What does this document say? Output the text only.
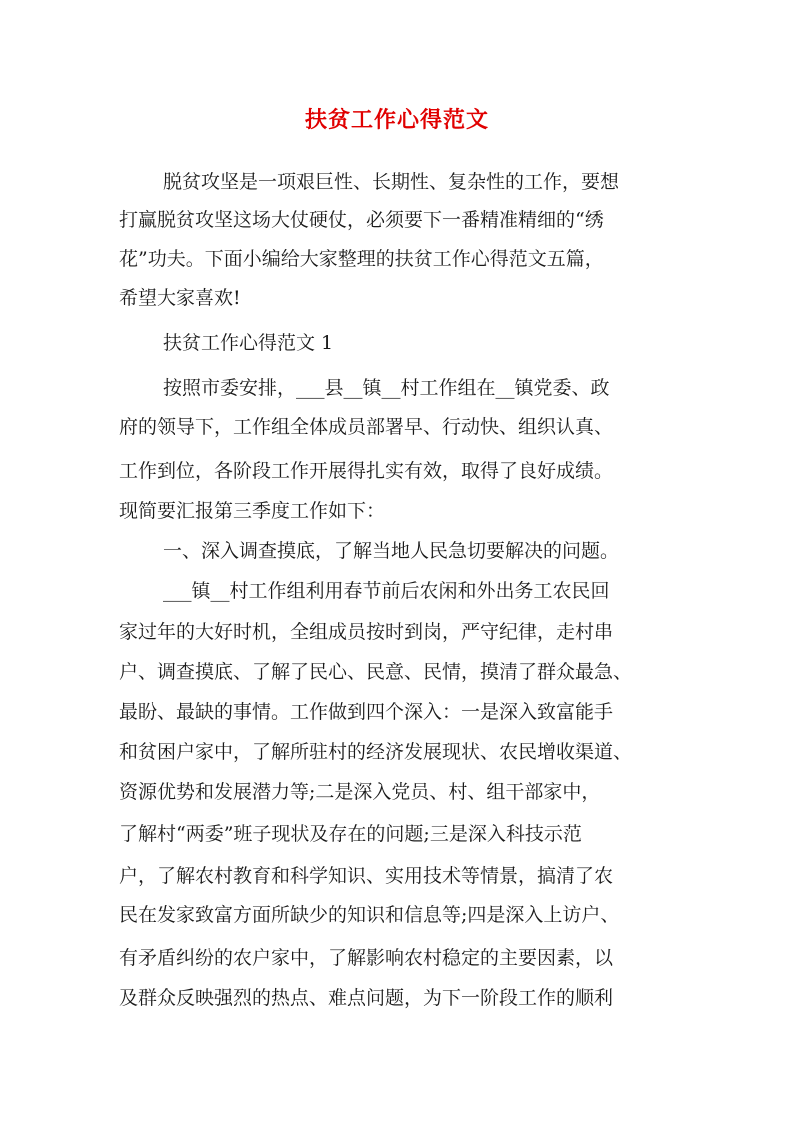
扶贫工作心得范文
脱贫攻坚是一项艰巨性、长期性、复杂性的工作，要想
打赢脱贫攻坚这场大仗硬仗，必须要下一番精准精细的“绣
花”功夫。下面小编给大家整理的扶贫工作心得范文五篇，
希望大家喜欢!
扶贫工作心得范文 1
按照市委安排，___县__镇__村工作组在__镇党委、政
府的领导下，工作组全体成员部署早、行动快、组织认真、
工作到位，各阶段工作开展得扎实有效，取得了良好成绩。
现简要汇报第三季度工作如下：
一、深入调查摸底，了解当地人民急切要解决的问题。
___镇__村工作组利用春节前后农闲和外出务工农民回
家过年的大好时机，全组成员按时到岗，严守纪律，走村串
户、调查摸底、了解了民心、民意、民情，摸清了群众最急、
最盼、最缺的事情。工作做到四个深入：一是深入致富能手
和贫困户家中，了解所驻村的经济发展现状、农民增收渠道、
资源优势和发展潜力等;二是深入党员、村、组干部家中，
了解村“两委”班子现状及存在的问题;三是深入科技示范
户，了解农村教育和科学知识、实用技术等情景，搞清了农
民在发家致富方面所缺少的知识和信息等;四是深入上访户、
有矛盾纠纷的农户家中，了解影响农村稳定的主要因素，以
及群众反映强烈的热点、难点问题，为下一阶段工作的顺利
